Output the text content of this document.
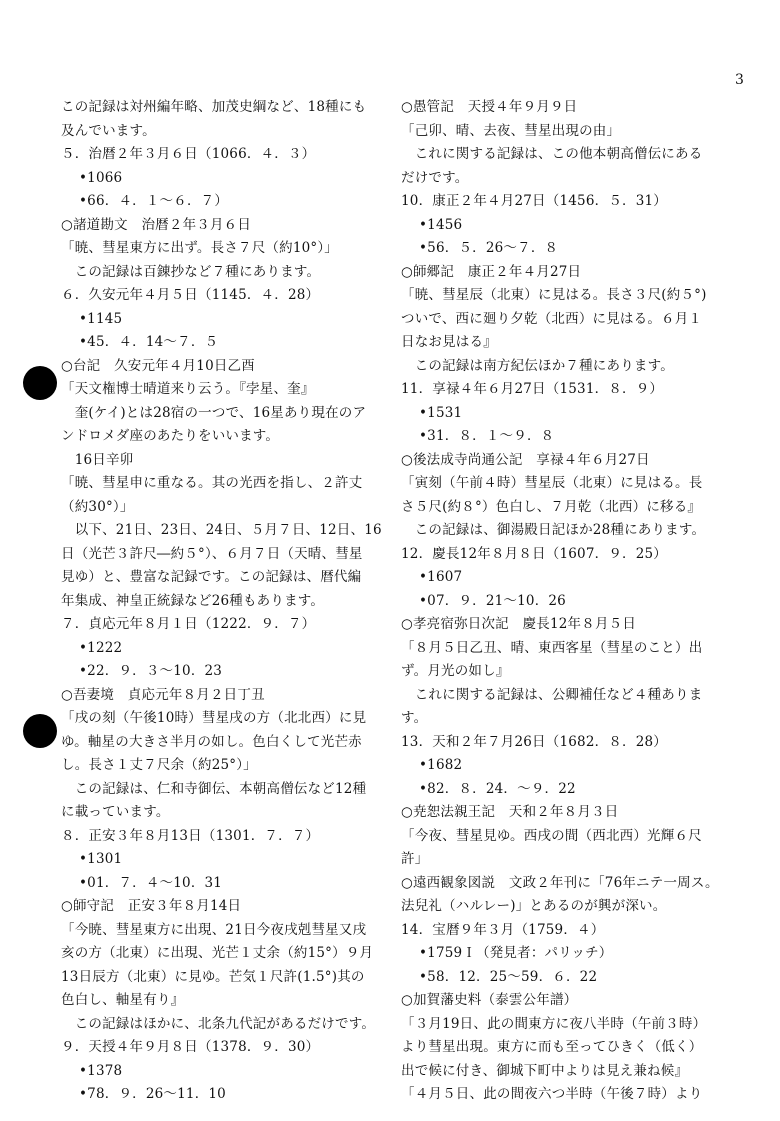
3
この記録は対州編年略、加茂史綱など、18種にも
及んでいます。
５．治暦２年３月６日（1066．４．３）
•1066
•66．４．１〜６．７）
○諸道勘文　治暦２年３月６日
「暁、彗星東方に出ず。長さ７尺（約10°）」
　この記録は百錬抄など７種にあります。
６．久安元年４月５日（1145．４．28）
•1145
•45．４．14〜７．５
○台記　久安元年４月10日乙酉
「天文権博士晴道来り云う。『孛星、奎』
　奎(ケイ)とは28宿の一つで、16星あり現在のア
ンドロメダ座のあたりをいいます。
　16日辛卯
「暁、彗星申に重なる。其の光西を指し、２許丈
（約30°）」
　以下、21日、23日、24日、５月７日、12日、16
日（光芒３許尺―約５°）、６月７日（天晴、彗星
見ゆ）と、豊富な記録です。この記録は、暦代編
年集成、神皇正統録など26種もあります。
７．貞応元年８月１日（1222．９．７）
•1222
•22．９．３〜10．23
○吾妻境　貞応元年８月２日丁丑
「戌の刻（午後10時）彗星戌の方（北北西）に見
ゆ。軸星の大きさ半月の如し。色白くして光芒赤
し。長さ１丈７尺余（約25°）」
　この記録は、仁和寺御伝、本朝高僧伝など12種
に載っています。
８．正安３年８月13日（1301．７．７）
•1301
•01．７．４〜10．31
○師守記　正安３年８月14日
「今暁、彗星東方に出現、21日今夜戌剋彗星又戌
亥の方（北東）に出現、光芒１丈余（約15°）９月
13日辰方（北東）に見ゆ。芒気１尺許(1.5°)其の
色白し、軸星有り』
　この記録はほかに、北条九代記があるだけです。
９．天授４年９月８日（1378．９．30）
•1378
•78．９．26〜11．10
○愚管記　天授４年９月９日
「己卯、晴、去夜、彗星出現の由」
　これに関する記録は、この他本朝高僧伝にある
だけです。
10．康正２年４月27日（1456．５．31）
•1456
•56．５．26〜７．８
○師郷記　康正２年４月27日
「暁、彗星辰（北東）に見はる。長さ３尺(約５°)
ついで、西に廻り夕乾（北西）に見はる。６月１
日なお見はる』
　この記録は南方紀伝ほか７種にあります。
11．享禄４年６月27日（1531．８．９）
•1531
•31．８．１〜９．８
○後法成寺尚通公記　享禄４年６月27日
「寅刻（午前４時）彗星辰（北東）に見はる。長
さ５尺(約８°）色白し、７月乾（北西）に移る』
　この記録は、御湯殿日記ほか28種にあります。
12．慶長12年８月８日（1607．９．25）
•1607
•07．９．21〜10．26
○孝亮宿弥日次記　慶長12年８月５日
「８月５日乙丑、晴、東西客星（彗星のこと）出
ず。月光の如し』
　これに関する記録は、公卿補任など４種ありま
す。
13．天和２年７月26日（1682．８．28）
•1682
•82．８．24．〜９．22
○尭恕法親王記　天和２年８月３日
「今夜、彗星見ゆ。西戌の間（西北西）光輝６尺
許」
○遠西観象図説　文政２年刊に「76年ニテ一周ス。
法兒礼（ハルレー)」とあるのが興が深い。
14．宝暦９年３月（1759．４）
•1759Ｉ（発見者：パリッチ）
•58．12．25〜59．６．22
○加賀藩史料（泰雲公年譜）
「３月19日、此の間東方に夜八半時（午前３時）
より彗星出現。東方に而も至ってひきく（低く）
出で候に付き、御城下町中よりは見え兼ね候』
「４月５日、此の間夜六つ半時（午後７時）より
